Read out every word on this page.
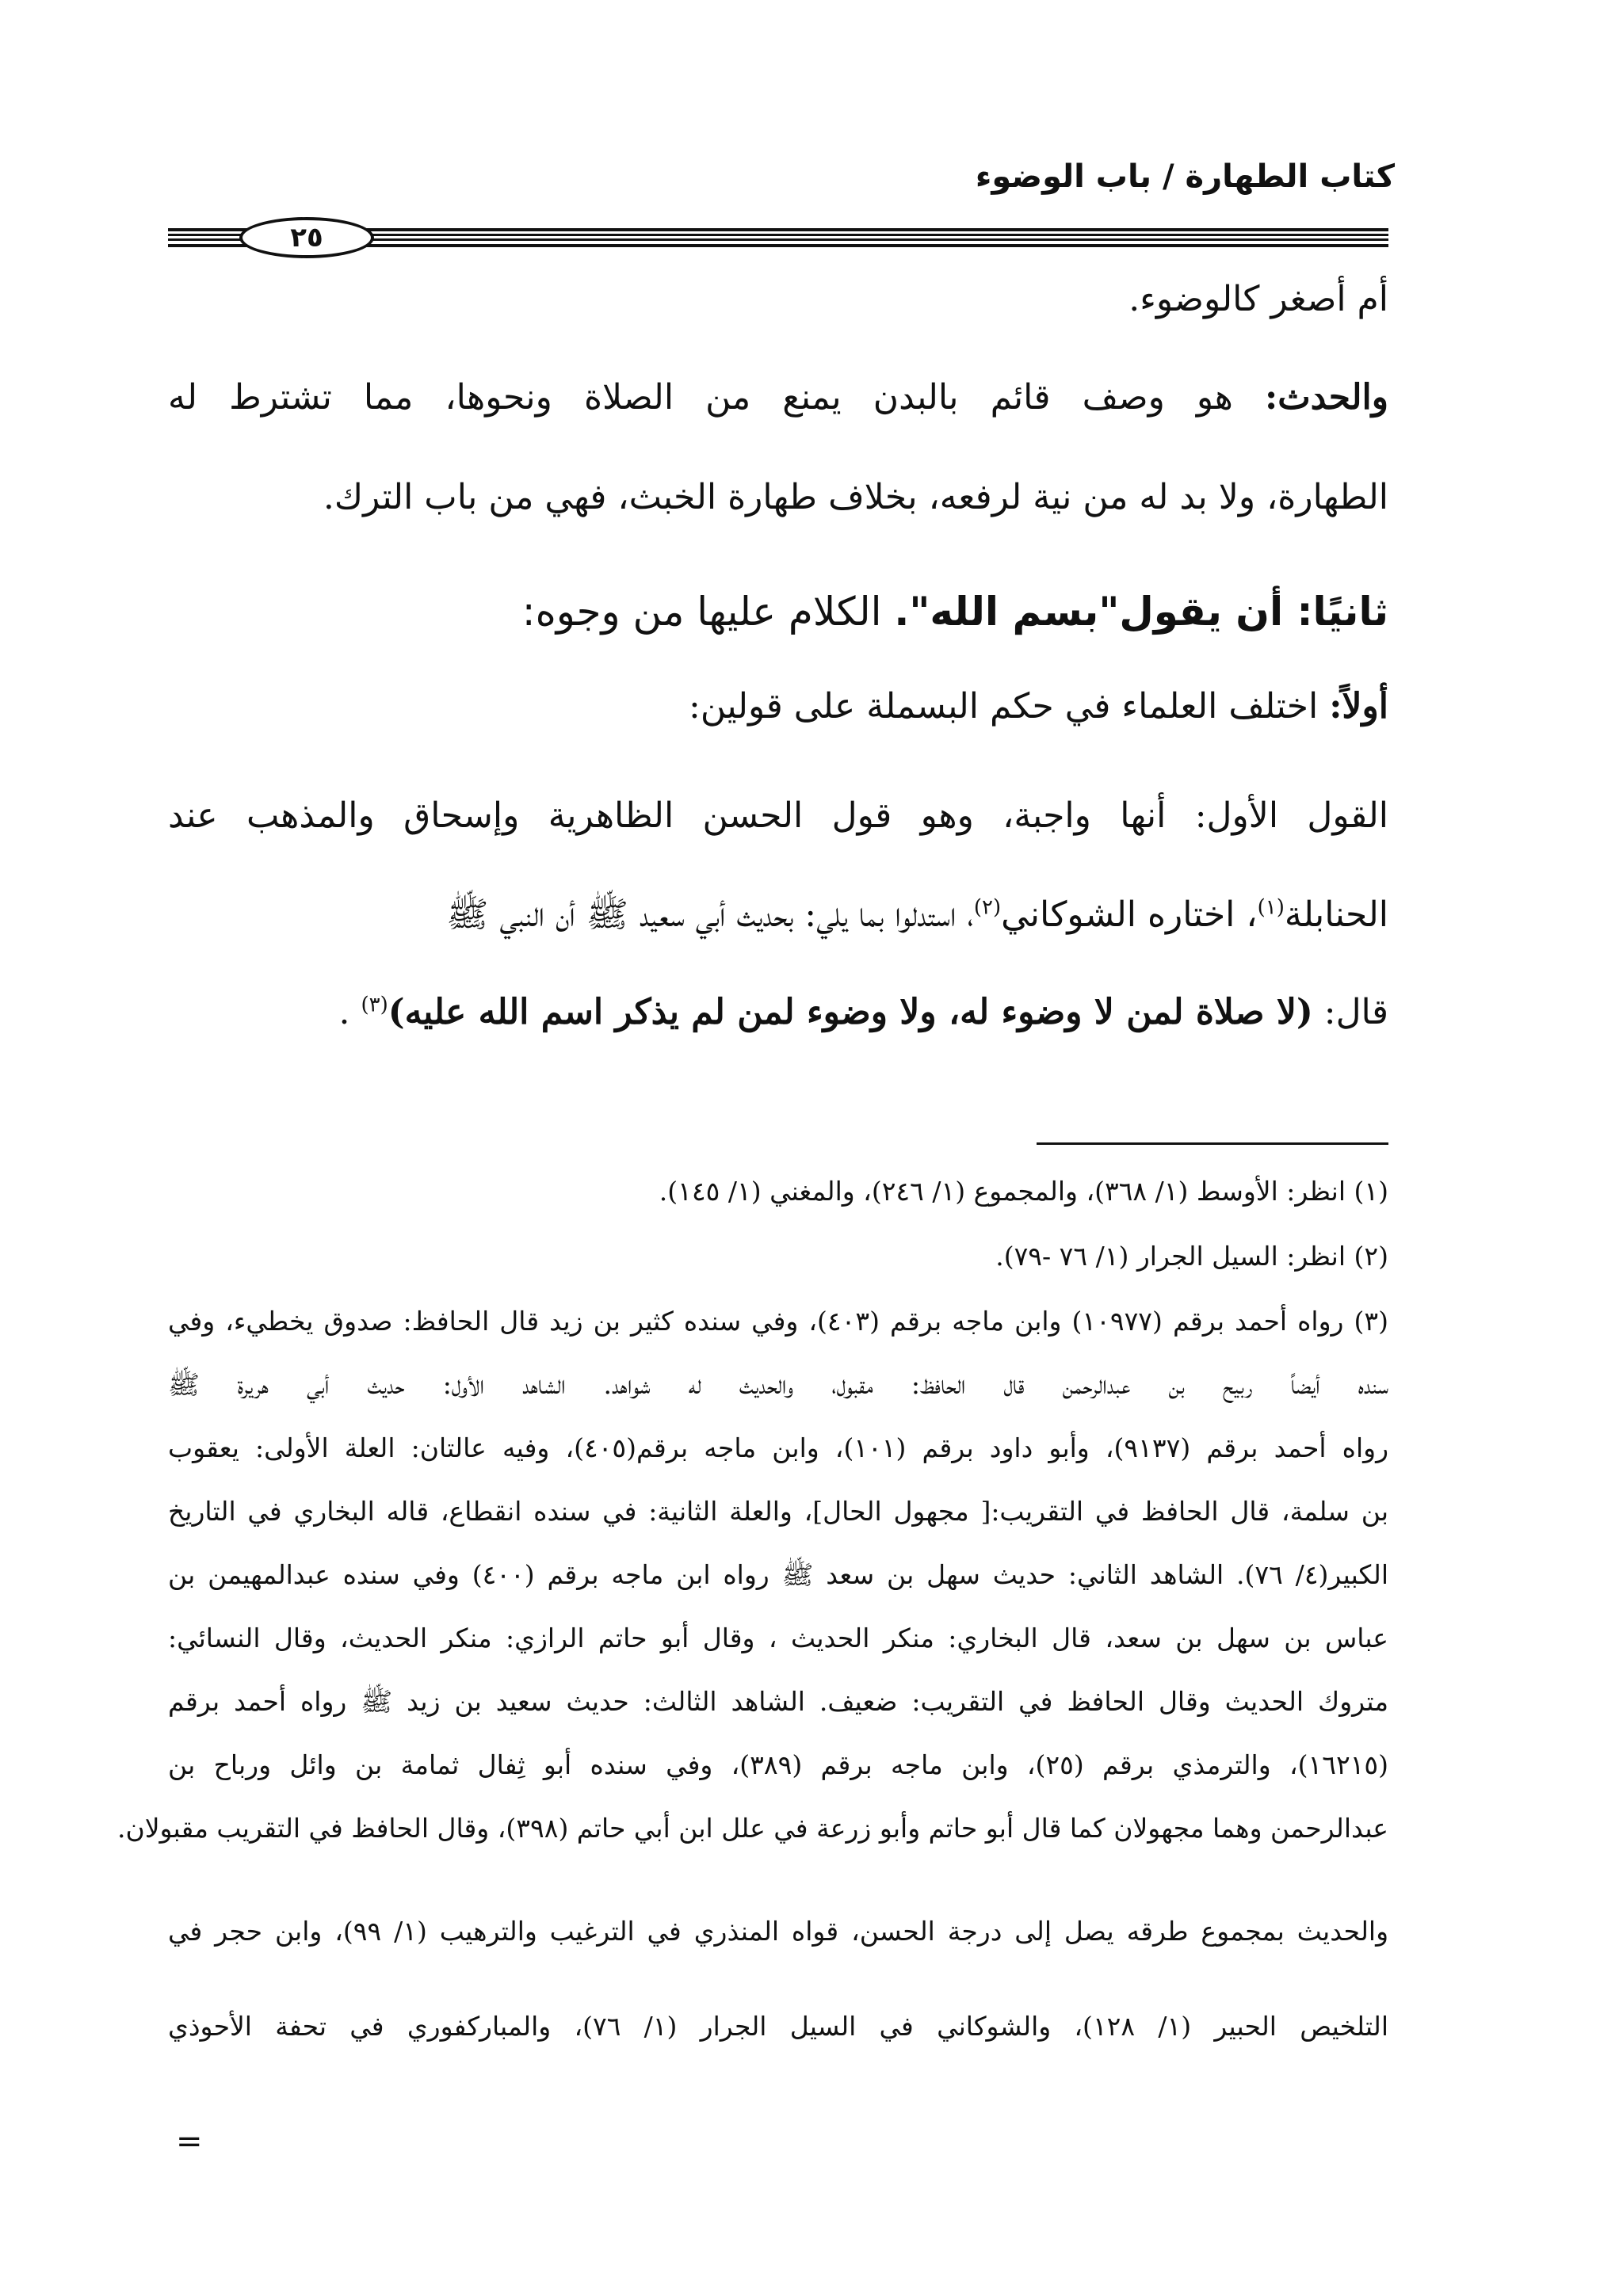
كتاب الطهارة / باب الوضوء
٢٥
أم أصغر كالوضوء.
والحدث: هو وصف قائم بالبدن يمنع من الصلاة ونحوها، مما تشترط له
الطهارة، ولا بد له من نية لرفعه، بخلاف طهارة الخبث، فهي من باب الترك.
ثانيًا: أن يقول"بسم الله". الكلام عليها من وجوه:
أولاً: اختلف العلماء في حكم البسملة على قولين:
القول الأول: أنها واجبة، وهو قول الحسن الظاهرية وإسحاق والمذهب عند
الحنابلة$^{(١)}$، اختاره الشوكاني$^{(٢)}$، استدلوا بما يلي: بحديث أبي سعيد ﷺ أن النبي ﷺ
قال: (لا صلاة لمن لا وضوء له، ولا وضوء لمن لم يذكر اسم الله عليه)$^{(٣)}$ .
(١) انظر: الأوسط (١/ ٣٦٨)، والمجموع (١/ ٢٤٦)، والمغني (١/ ١٤٥).
(٢) انظر: السيل الجرار (١/ ٧٦ -٧٩).
(٣) رواه أحمد برقم (١٠٩٧٧) وابن ماجه برقم (٤٠٣)، وفي سنده كثير بن زيد قال الحافظ: صدوق يخطيء، وفي
سنده أيضاً ربيح بن عبدالرحمن قال الحافظ: مقبول، والحديث له شواهد. الشاهد الأول: حديث أبي هريرة ﷺ
رواه أحمد برقم (٩١٣٧)، وأبو داود برقم (١٠١)، وابن ماجه برقم(٤٠٥)، وفيه عالتان: العلة الأولى: يعقوب
بن سلمة، قال الحافظ في التقريب:[ مجهول الحال]، والعلة الثانية: في سنده انقطاع، قاله البخاري في التاريخ
الكبير(٤/ ٧٦). الشاهد الثاني: حديث سهل بن سعد ﷺ رواه ابن ماجه برقم (٤٠٠) وفي سنده عبدالمهيمن بن
عباس بن سهل بن سعد، قال البخاري: منكر الحديث ، وقال أبو حاتم الرازي: منكر الحديث، وقال النسائي:
متروك الحديث وقال الحافظ في التقريب: ضعيف. الشاهد الثالث: حديث سعيد بن زيد ﷺ رواه أحمد برقم
(١٦٢١٥)، والترمذي برقم (٢٥)، وابن ماجه برقم (٣٨٩)، وفي سنده أبو ثِفال ثمامة بن وائل ورباح بن
عبدالرحمن وهما مجهولان كما قال أبو حاتم وأبو زرعة في علل ابن أبي حاتم (٣٩٨)، وقال الحافظ في التقريب مقبولان.
والحديث بمجموع طرقه يصل إلى درجة الحسن، قواه المنذري في الترغيب والترهيب (١/ ٩٩)، وابن حجر في
التلخيص الحبير (١/ ١٢٨)، والشوكاني في السيل الجرار (١/ ٧٦)، والمباركفوري في تحفة الأحوذي
=
